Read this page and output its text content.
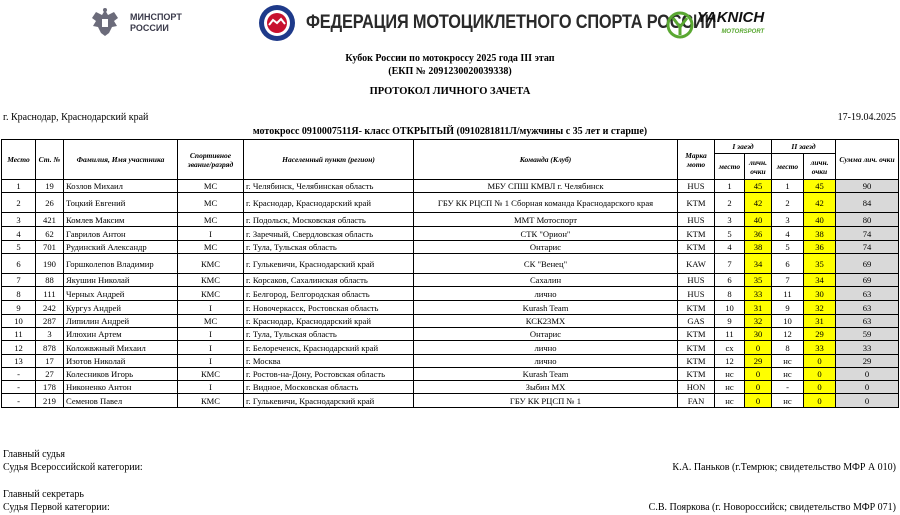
МИНСПОРТ
РОССИИ	ФЕДЕРАЦИЯ МОТОЦИКЛЕТНОГО СПОРТА РОССИИ
YAKNICH
MOTORSPORT
Кубок России по мотокроссу 2025 года III этап
(ЕКП № 2091230020039338)
ПРОТОКОЛ ЛИЧНОГО ЗАЧЕТА
г. Краснодар, Краснодарский край	17-19.04.2025
мотокросс 0910007511Я- класс ОТКРЫТЫЙ (0910281811Л/мужчины с 35 лет и старше)
Место	Ст. №	Фамилия, Имя участника	Спортивное звание/разряд	Населенный пункт (регион)	Команда (Клуб)	Марка мото	I заезд		II заезд		Сумма лич. очки
							место	личн. очки	место	личн. очки	
1	19	Козлов Михаил	МС	г. Челябинск, Челябинская область	МБУ СПШ КМВЛ г. Челябинск	HUS	1	45	1	45	90
2	26	Тоцкий Евгений	МС	г. Краснодар, Краснодарский край	ГБУ КК РЦСП № 1 Сборная команда Краснодарского края	KTM	2	42	2	42	84
3	421	Комлев Максим	МС	г. Подольск, Московская область	ММТ Мотоспорт	HUS	3	40	3	40	80
4	62	Гаврилов Антон	I	г. Заречный, Свердловская область	СТК "Орион"	KTM	5	36	4	38	74
5	701	Рудинский Александр	МС	г. Тула, Тульская область	Онтарис	KTM	4	38	5	36	74
6	190	Горшколепов Владимир	КМС	г. Гулькевичи, Краснодарский край	СК "Венец"	KAW	7	34	6	35	69
7	88	Якушин Николай	КМС	г. Корсаков, Сахалинская область	Сахалин	HUS	6	35	7	34	69
8	111	Черных Андрей	КМС	г. Белгород, Белгородская область	лично	HUS	8	33	11	30	63
9	242	Кургуз Андрей	I	г. Новочеркасск, Ростовская область	Kurash Team	KTM	10	31	9	32	63
10	287	Липилин Андрей	МС	г. Краснодар, Краснодарский край	КСК23МХ	GAS	9	32	10	31	63
11	3	Илюхин Артем	I	г. Тула, Тульская область	Онтарис	KTM	11	30	12	29	59
12	878	Коложвжный Михаил	I	г. Белореченск, Краснодарский край	лично	KTM	сх	0	8	33	33
13	17	Изотов Николай	I	г. Москва	лично	KTM	12	29	нс	0	29
-	27	Колесников Игорь	КМС	г. Ростов-на-Дону, Ростовская область	Kurash Team	KTM	нс	0	нс	0	0
-	178	Никоненко Антон	I	г. Видное, Московская область	Зыбин МХ	HON	нс	0	-	0	0
-	219	Семенов Павел	КМС	г. Гулькевичи, Краснодарский край	ГБУ КК РЦСП № 1	FAN	нс	0	нс	0	0
Главный судья
Судья Всероссийской категории:	К.А. Паньков (г.Темрюк; свидетельство МФР А 010)
Главный секретарь
Судья Первой категории:	С.В. Пояркова (г. Новороссийск; свидетельство МФР 071)
